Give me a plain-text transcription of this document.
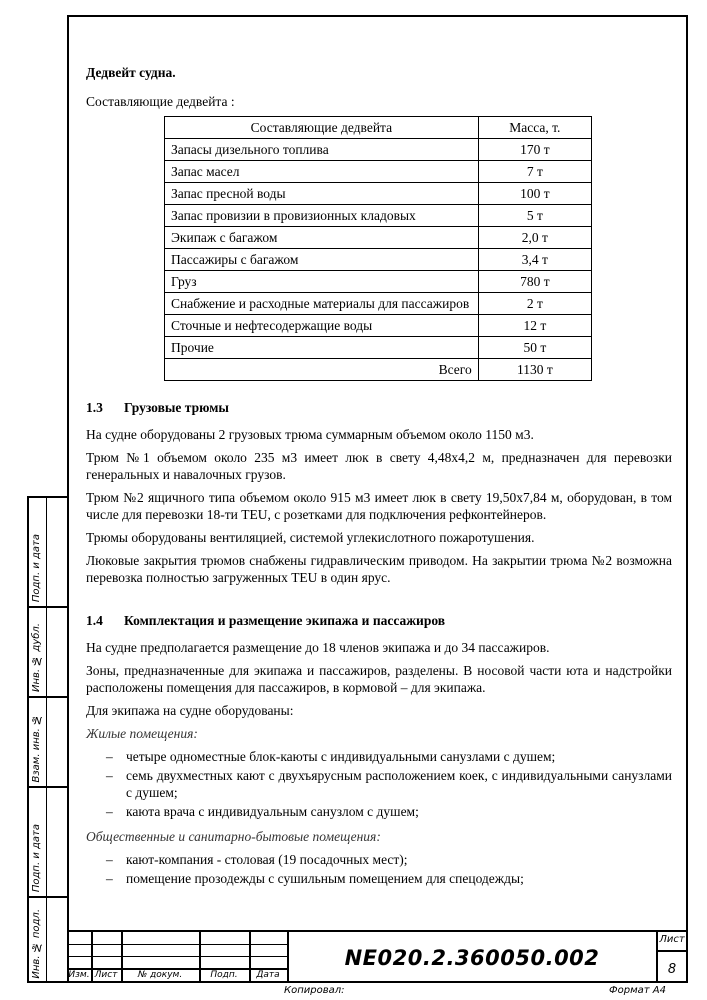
Подп. и дата
Инв. № дубл.
Взам. инв. №
Подп. и дата
Инв. № подл.
Дедвейт судна.

Составляющие дедвейта :

Составляющие дедвейта	Масса, т.
Запасы дизельного топлива	170 т
Запас масел	7 т
Запас пресной воды	100 т
Запас провизии в провизионных кладовых	5 т
Экипаж с багажом	2,0 т
Пассажиры с багажом	3,4 т
Груз	780 т
Снабжение и расходные материалы для пассажиров	2 т
Сточные и нефтесодержащие воды	12 т
Прочие	50 т
Всего	1130 т
1.3	Грузовые трюмы

На судне оборудованы 2 грузовых трюма суммарным объемом около 1150 м3.

Трюм №1 объемом около 235 м3 имеет люк в свету 4,48х4,2 м, предназначен для перевозки генеральных и навалочных грузов.

Трюм №2 ящичного типа объемом около 915 м3 имеет люк в свету 19,50х7,84 м, оборудован, в том числе для перевозки 18-ти TEU, с розетками для подключения рефконтейнеров.

Трюмы оборудованы вентиляцией, системой углекислотного пожаротушения.

Люковые закрытия трюмов снабжены гидравлическим приводом. На закрытии трюма №2 возможна перевозка полностью загруженных TEU в один ярус.

1.4	Комплектация и размещение экипажа и пассажиров

На судне предполагается размещение до 18 членов экипажа и до 34 пассажиров.

Зоны, предназначенные для экипажа и пассажиров, разделены. В носовой части юта и надстройки расположены помещения для пассажиров, в кормовой – для экипажа.

Для экипажа на судне оборудованы:

Жилые помещения:

– четыре одноместные блок-каюты с индивидуальными санузлами с душем;
– семь двухместных кают с двухъярусным расположением коек, с индивидуальными санузлами с душем;
– каюта врача с индивидуальным санузлом с душем;

Общественные и санитарно-бытовые помещения:

– кают-компания - столовая (19 посадочных мест);
– помещение прозодежды с сушильным помещением для спецодежды;
Изм. Лист	№ докум.	Подп.	Дата
NE020.2.360050.002
Лист
8
Копировал:	Формат А4
